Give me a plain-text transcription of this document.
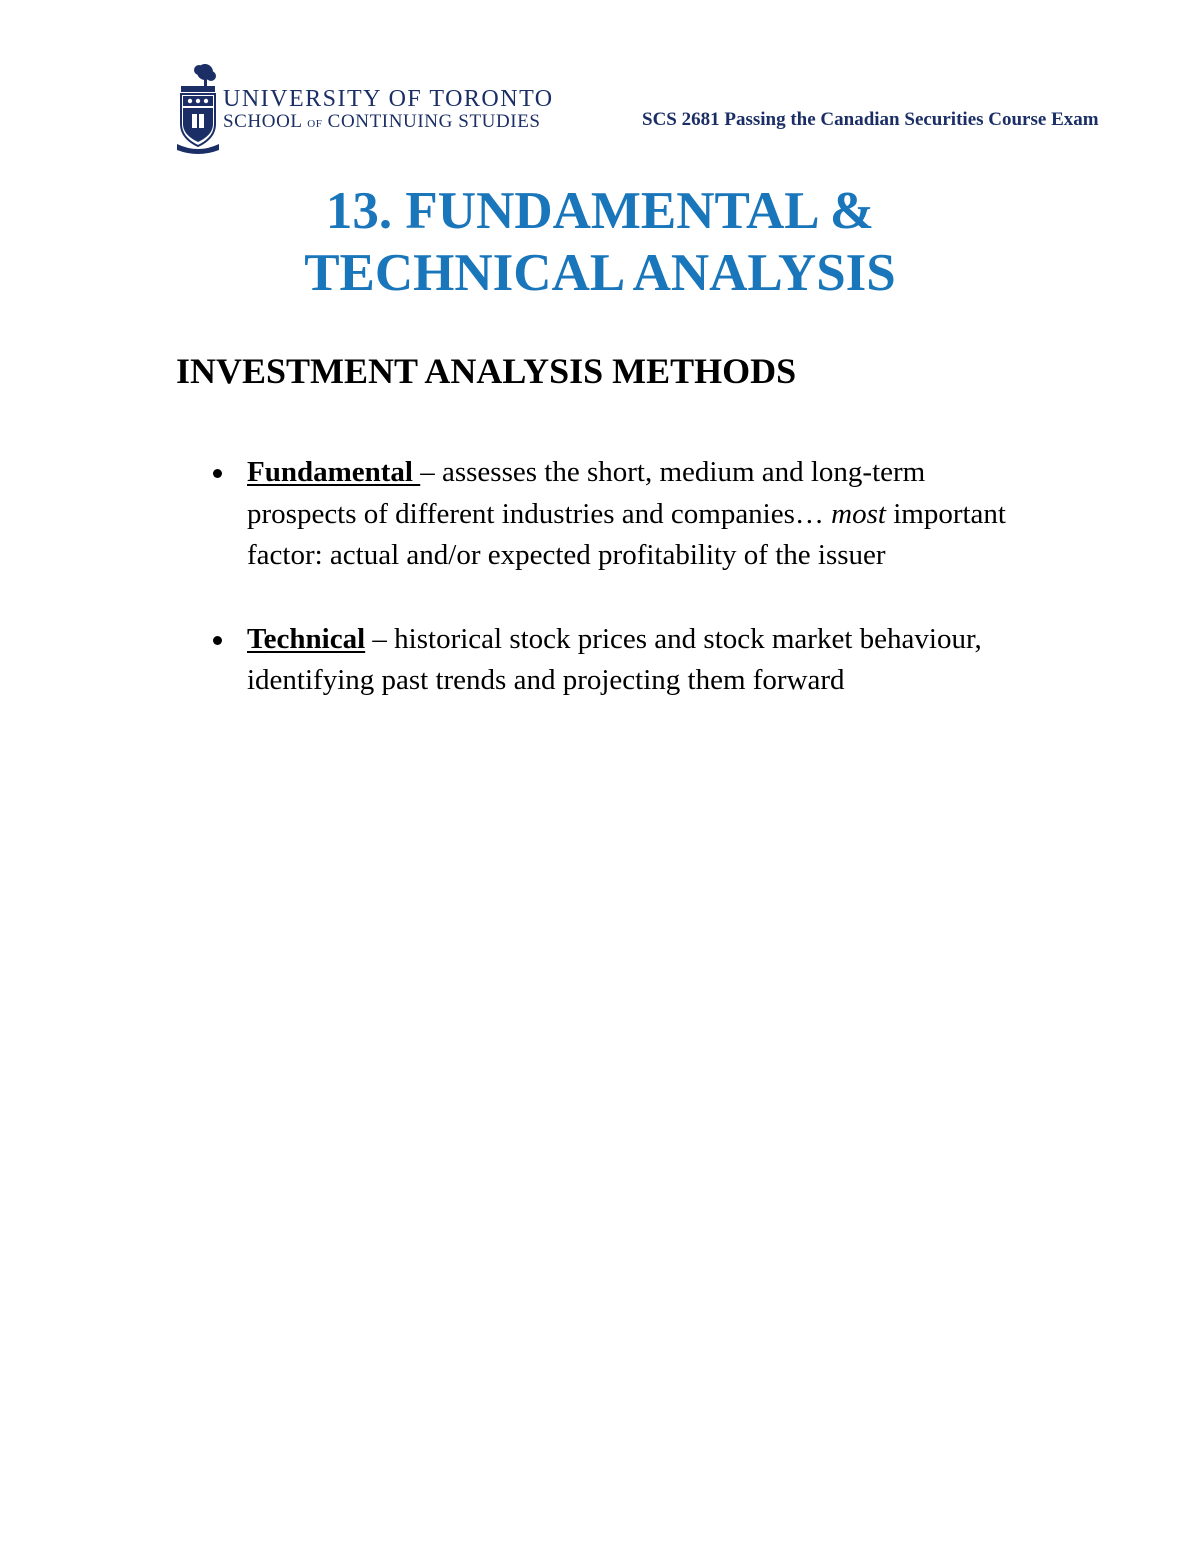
UNIVERSITY OF TORONTO
SCHOOL OF CONTINUING STUDIES	SCS 2681 Passing the Canadian Securities Course Exam
13. FUNDAMENTAL &
TECHNICAL ANALYSIS
INVESTMENT ANALYSIS METHODS
Fundamental – assesses the short, medium and long-term prospects of different industries and companies… most important factor: actual and/or expected profitability of the issuer
Technical – historical stock prices and stock market behaviour, identifying past trends and projecting them forward
